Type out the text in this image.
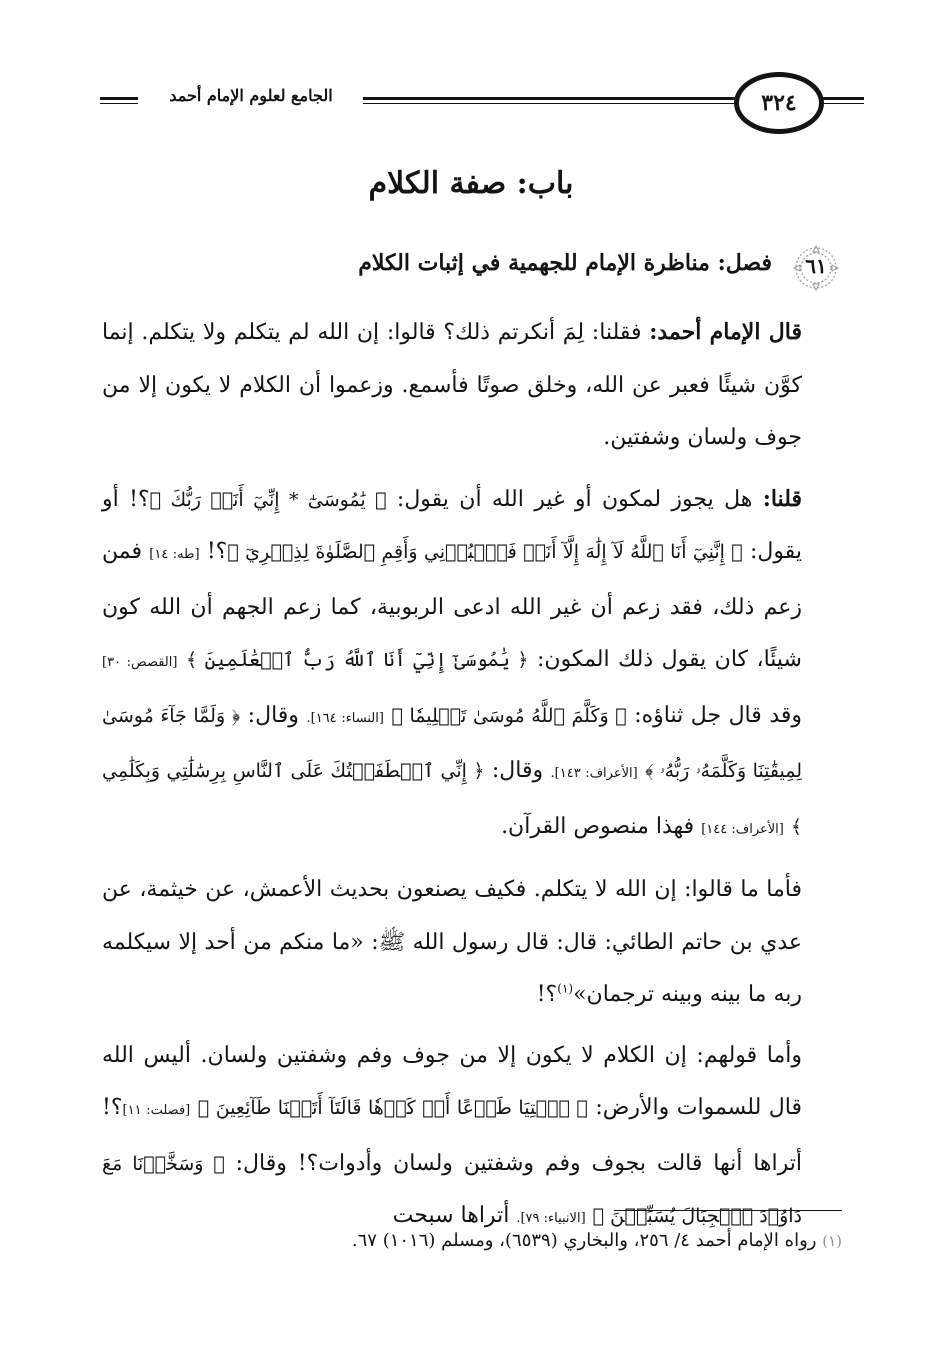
الجامع لعلوم الإمام أحمد	٣٢٤
باب: صفة الكلام
٦١
فصل: مناظرة الإمام للجهمية في إثبات الكلام

قال الإمام أحمد: فقلنا: لِمَ أنكرتم ذلك؟ قالوا: إن الله لم يتكلم ولا يتكلم. إنما كوَّن شيئًا فعبر عن الله، وخلق صوتًا فأسمع. وزعموا أن الكلام لا يكون إلا من جوف ولسان وشفتين.

قلنا: هل يجوز لمكون أو غير الله أن يقول: ﴿ يَٰمُوسَىٰٓ * إِنِّيٓ أَنَا۠ رَبُّكَ ﴾؟! أو يقول: ﴿ إِنَّنِيٓ أَنَا ٱللَّهُ لَآ إِلَٰهَ إِلَّآ أَنَا۠ فَٱعۡبُدۡنِي وَأَقِمِ ٱلصَّلَوٰةَ لِذِكۡرِيٓ ﴾؟! [طه: ١٤] فمن زعم ذلك، فقد زعم أن غير الله ادعى الربوبية، كما زعم الجهم أن الله كون شيئًا، كان يقول ذلك المكون: ﴿ يَٰمُوسَىٰٓ إِنِّيٓ أَنَا ٱللَّهُ رَبُّ ٱلۡعَٰلَمِينَ ﴾ [القصص: ٣٠] وقد قال جل ثناؤه: ﴿ وَكَلَّمَ ٱللَّهُ مُوسَىٰ تَكۡلِيمٗا ﴾ [النساء: ١٦٤]. وقال: ﴿ وَلَمَّا جَآءَ مُوسَىٰ لِمِيقَٰتِنَا وَكَلَّمَهُۥ رَبُّهُۥ ﴾ [الأعراف: ١٤٣]. وقال: ﴿ إِنِّي ٱصۡطَفَيۡتُكَ عَلَى ٱلنَّاسِ بِرِسَٰلَٰتِي وَبِكَلَٰمِي ﴾ [الأعراف: ١٤٤] فهذا منصوص القرآن.

فأما ما قالوا: إن الله لا يتكلم. فكيف يصنعون بحديث الأعمش، عن خيثمة، عن عدي بن حاتم الطائي: قال: قال رسول الله ﷺ: «ما منكم من أحد إلا سيكلمه ربه ما بينه وبينه ترجمان»$^{(١)}$؟!

وأما قولهم: إن الكلام لا يكون إلا من جوف وفم وشفتين ولسان. أليس الله قال للسموات والأرض: ﴿ ٱئۡتِيَا طَوۡعًا أَوۡ كَرۡهٗا قَالَتَآ أَتَيۡنَا طَآئِعِينَ ﴾ [فصلت: ١١]؟! أتراها أنها قالت بجوف وفم وشفتين ولسان وأدوات؟! وقال: ﴿ وَسَخَّرۡنَا مَعَ دَاوُۥدَ ٱلۡجِبَالَ يُسَبِّحۡنَ ﴾ [الانبياء: ٧٩]. أتراها سبحت

(١) رواه الإمام أحمد ٤/ ٢٥٦، والبخاري (٦٥٣٩)، ومسلم (١٠١٦) ٦٧.
